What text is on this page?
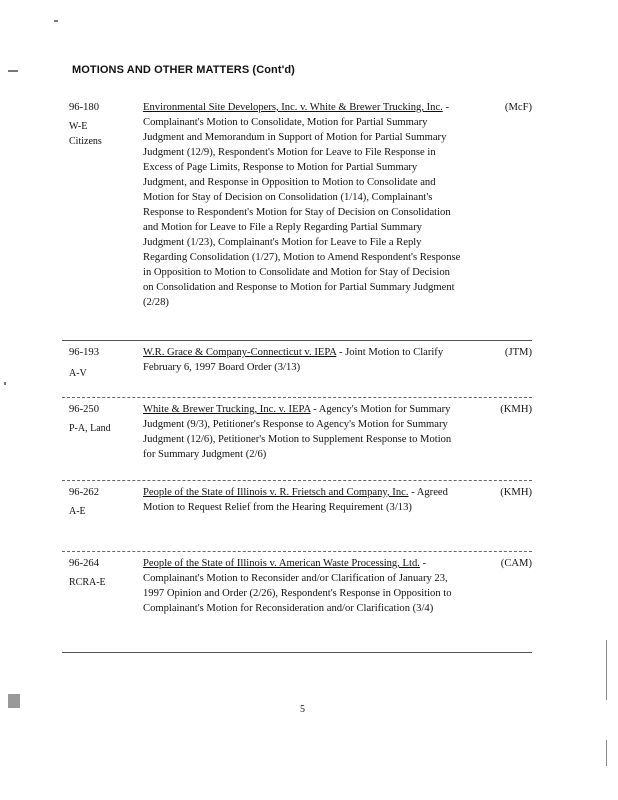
MOTIONS AND OTHER MATTERS (Cont'd)
96-180
W-E
Citizens
Environmental Site Developers, Inc. v. White & Brewer Trucking, Inc. - Complainant's Motion to Consolidate, Motion for Partial Summary Judgment and Memorandum in Support of Motion for Partial Summary Judgment (12/9), Respondent's Motion for Leave to File Response in Excess of Page Limits, Response to Motion for Partial Summary Judgment, and Response in Opposition to Motion to Consolidate and Motion for Stay of Decision on Consolidation (1/14), Complainant's Response to Respondent's Motion for Stay of Decision on Consolidation and Motion for Leave to File a Reply Regarding Partial Summary Judgment (1/23), Complainant's Motion for Leave to File a Reply Regarding Consolidation (1/27), Motion to Amend Respondent's Response in Opposition to Motion to Consolidate and Motion for Stay of Decision on Consolidation and Response to Motion for Partial Summary Judgment (2/28)
(McF)
96-193
A-V
W.R. Grace & Company-Connecticut v. IEPA - Joint Motion to Clarify February 6, 1997 Board Order (3/13)
(JTM)
96-250
P-A, Land
White & Brewer Trucking, Inc. v. IEPA - Agency's Motion for Summary Judgment (9/3), Petitioner's Response to Agency's Motion for Summary Judgment (12/6), Petitioner's Motion to Supplement Response to Motion for Summary Judgment (2/6)
(KMH)
96-262
A-E
People of the State of Illinois v. R. Frietsch and Company, Inc. - Agreed Motion to Request Relief from the Hearing Requirement (3/13)
(KMH)
96-264
RCRA-E
People of the State of Illinois v. American Waste Processing, Ltd. - Complainant's Motion to Reconsider and/or Clarification of January 23, 1997 Opinion and Order (2/26), Respondent's Response in Opposition to Complainant's Motion for Reconsideration and/or Clarification (3/4)
(CAM)
5
